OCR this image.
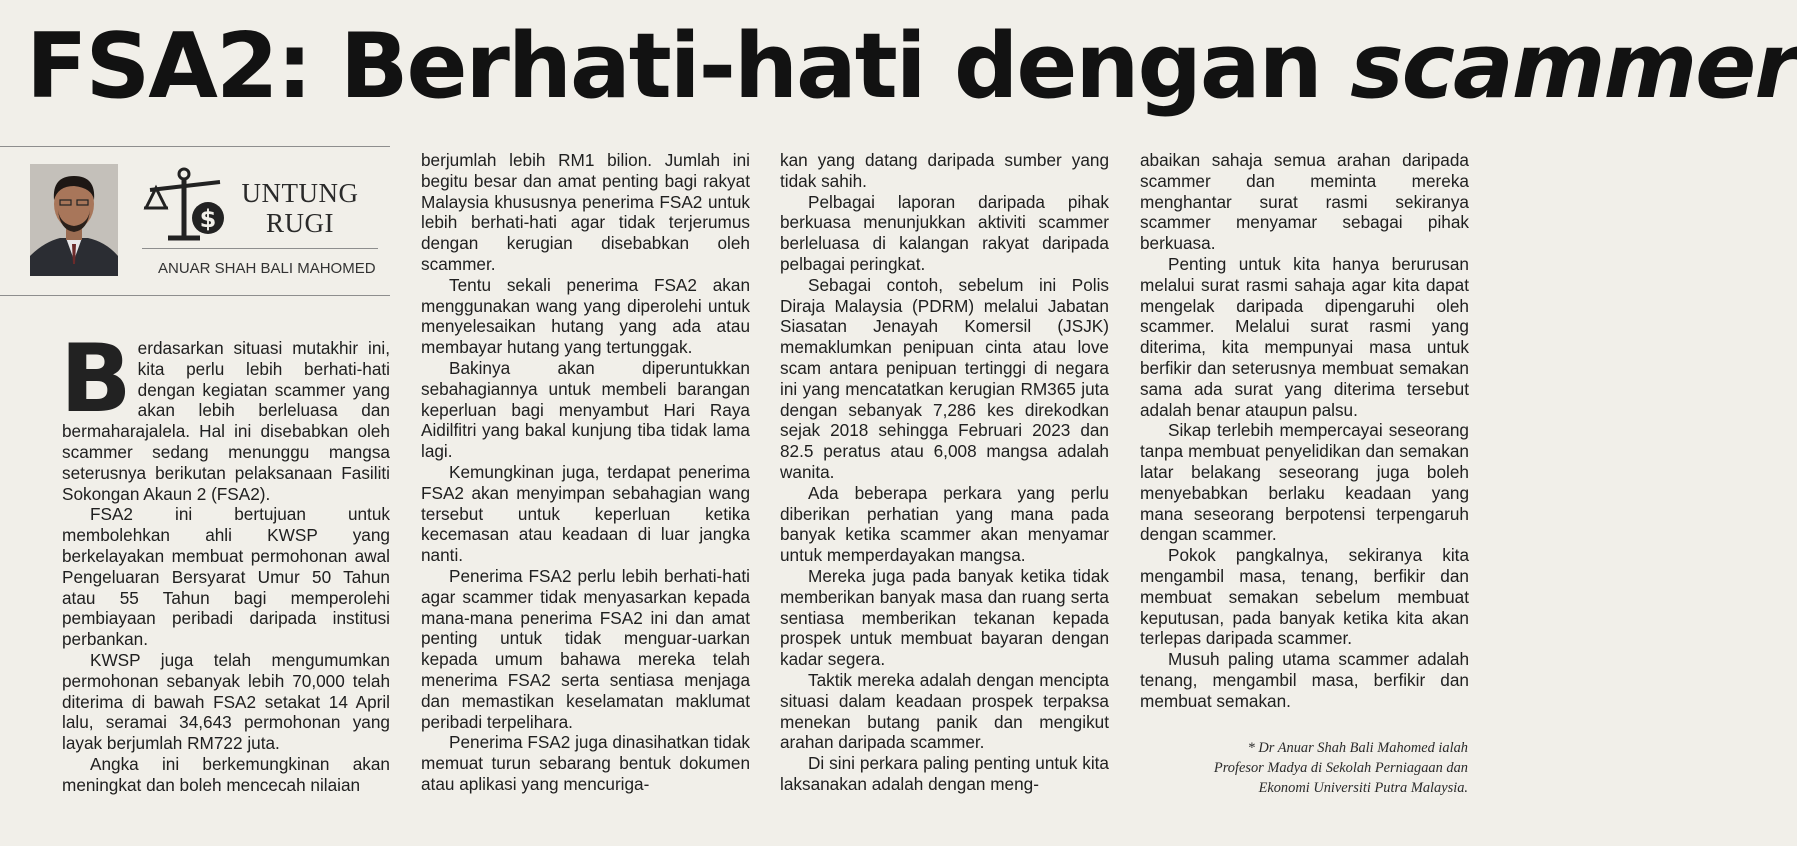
FSA2: Berhati-hati dengan scammer
$
UNTUNG
RUGI
ANUAR SHAH BALI MAHOMED

Berdasarkan situasi mutakhir ini, kita perlu lebih berhati-hati dengan kegiatan scammer yang akan lebih berleluasa dan bermaharajalela. Hal ini disebabkan oleh scammer sedang menunggu mangsa seterusnya berikutan pelaksanaan Fasiliti Sokongan Akaun 2 (FSA2).

FSA2 ini bertujuan untuk membolehkan ahli KWSP yang berkelayakan membuat permohonan awal Pengeluaran Bersyarat Umur 50 Tahun atau 55 Tahun bagi memperolehi pembiayaan peribadi daripada institusi perbankan.

KWSP juga telah mengumumkan permohonan sebanyak lebih 70,000 telah diterima di bawah FSA2 setakat 14 April lalu, seramai 34,643 permohonan yang layak berjumlah RM722 juta.

Angka ini berkemungkinan akan meningkat dan boleh mencecah nilaian

berjumlah lebih RM1 bilion. Jumlah ini begitu besar dan amat penting bagi rakyat Malaysia khususnya penerima FSA2 untuk lebih berhati-hati agar tidak terjerumus dengan kerugian disebabkan oleh scammer.

Tentu sekali penerima FSA2 akan menggunakan wang yang diperolehi untuk menyelesaikan hutang yang ada atau membayar hutang yang tertunggak.

Bakinya akan diperuntukkan sebahagiannya untuk membeli barangan keperluan bagi menyambut Hari Raya Aidilfitri yang bakal kunjung tiba tidak lama lagi.

Kemungkinan juga, terdapat penerima FSA2 akan menyimpan sebahagian wang tersebut untuk keperluan ketika kecemasan atau keadaan di luar jangka nanti.

Penerima FSA2 perlu lebih berhati-hati agar scammer tidak menyasarkan kepada mana-mana penerima FSA2 ini dan amat penting untuk tidak menguar-uarkan kepada umum bahawa mereka telah menerima FSA2 serta sentiasa menjaga dan memastikan keselamatan maklumat peribadi terpelihara.

Penerima FSA2 juga dinasihatkan tidak memuat turun sebarang bentuk dokumen atau aplikasi yang mencuriga-

kan yang datang daripada sumber yang tidak sahih.

Pelbagai laporan daripada pihak berkuasa menunjukkan aktiviti scammer berleluasa di kalangan rakyat daripada pelbagai peringkat.

Sebagai contoh, sebelum ini Polis Diraja Malaysia (PDRM) melalui Jabatan Siasatan Jenayah Komersil (JSJK) memaklumkan penipuan cinta atau love scam antara penipuan tertinggi di negara ini yang mencatatkan kerugian RM365 juta dengan sebanyak 7,286 kes direkodkan sejak 2018 sehingga Februari 2023 dan 82.5 peratus atau 6,008 mangsa adalah wanita.

Ada beberapa perkara yang perlu diberikan perhatian yang mana pada banyak ketika scammer akan menyamar untuk memperdayakan mangsa.

Mereka juga pada banyak ketika tidak memberikan banyak masa dan ruang serta sentiasa memberikan tekanan kepada prospek untuk membuat bayaran dengan kadar segera.

Taktik mereka adalah dengan mencipta situasi dalam keadaan prospek terpaksa menekan butang panik dan mengikut arahan daripada scammer.

Di sini perkara paling penting untuk kita laksanakan adalah dengan meng-

abaikan sahaja semua arahan daripada scammer dan meminta mereka menghantar surat rasmi sekiranya scammer menyamar sebagai pihak berkuasa.

Penting untuk kita hanya berurusan melalui surat rasmi sahaja agar kita dapat mengelak daripada dipengaruhi oleh scammer. Melalui surat rasmi yang diterima, kita mempunyai masa untuk berfikir dan seterusnya membuat semakan sama ada surat yang diterima tersebut adalah benar ataupun palsu.

Sikap terlebih mempercayai seseorang tanpa membuat penyelidikan dan semakan latar belakang seseorang juga boleh menyebabkan berlaku keadaan yang mana seseorang berpotensi terpengaruh dengan scammer.

Pokok pangkalnya, sekiranya kita mengambil masa, tenang, berfikir dan membuat semakan sebelum membuat keputusan, pada banyak ketika kita akan terlepas daripada scammer.

Musuh paling utama scammer adalah tenang, mengambil masa, berfikir dan membuat semakan.

* Dr Anuar Shah Bali Mahomed ialah
Profesor Madya di Sekolah Perniagaan dan
Ekonomi Universiti Putra Malaysia.
